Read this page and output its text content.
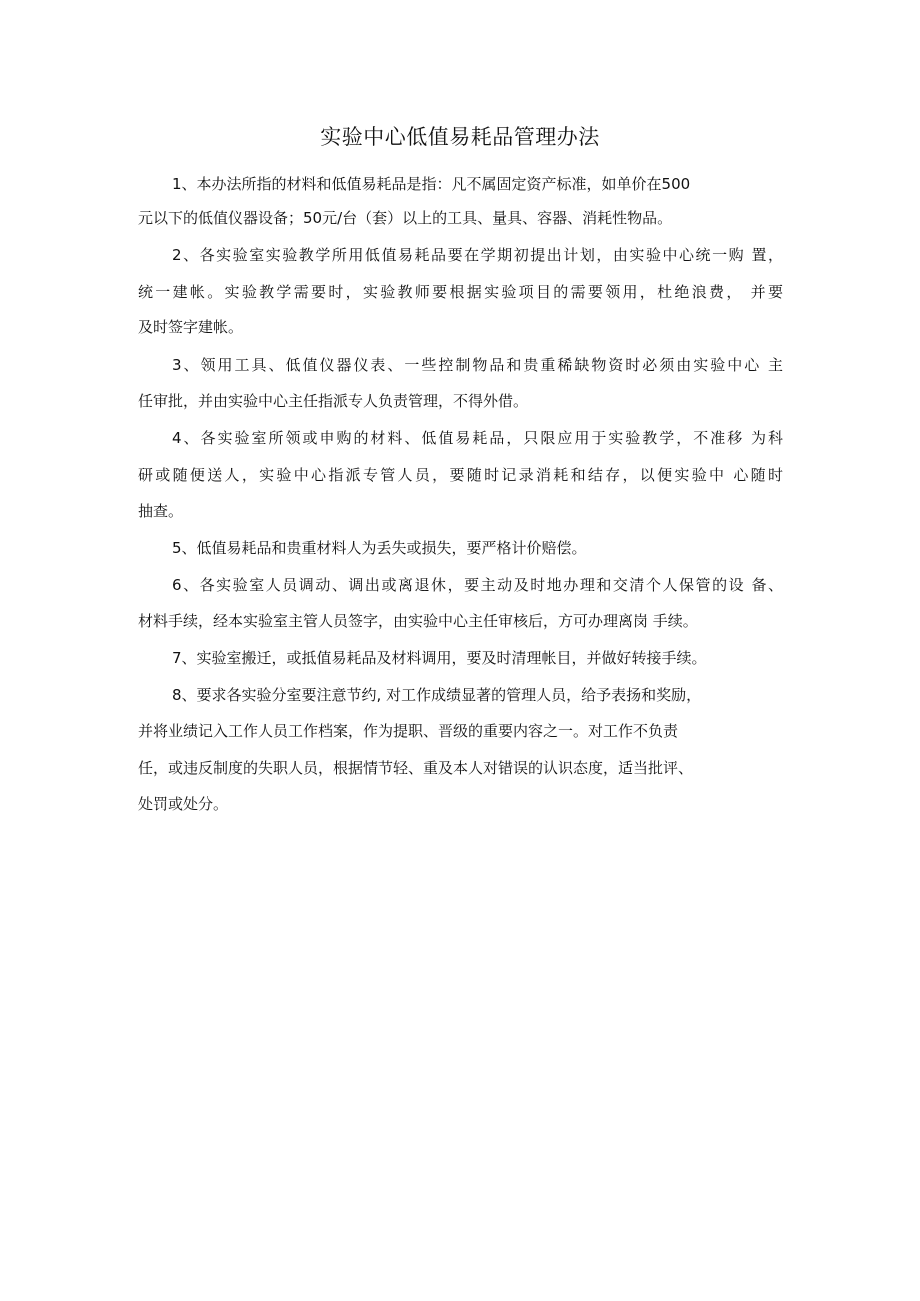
实验中心低值易耗品管理办法

1、本办法所指的材料和低值易耗品是指：凡不属固定资产标准，如单价在500

元以下的低值仪器设备；50元/台（套）以上的工具、量具、容器、消耗性物品。

2、各实验室实验教学所用低值易耗品要在学期初提出计划，由实验中心统一购 置，

统一建帐。实验教学需要时，实验教师要根据实验项目的需要领用，杜绝浪费， 并要

及时签字建帐。

3、领用工具、低值仪器仪表、一些控制物品和贵重稀缺物资时必须由实验中心 主

任审批，并由实验中心主任指派专人负责管理，不得外借。

4、各实验室所领或申购的材料、低值易耗品，只限应用于实验教学，不准移 为科

研或随便送人，实验中心指派专管人员，要随时记录消耗和结存，以便实验中 心随时

抽查。

5、低值易耗品和贵重材料人为丢失或损失，要严格计价赔偿。

6、各实验室人员调动、调出或离退休，要主动及时地办理和交清个人保管的设 备、

材料手续，经本实验室主管人员签字，由实验中心主任审核后，方可办理离岗 手续。

7、实验室搬迁，或抵值易耗品及材料调用，要及时清理帐目，并做好转接手续。

8、要求各实验分室要注意节约, 对工作成绩显著的管理人员，给予表扬和奖励，

并将业绩记入工作人员工作档案，作为提职、晋级的重要内容之一。对工作不负责

任，或违反制度的失职人员，根据情节轻、重及本人对错误的认识态度，适当批评、

处罚或处分。
